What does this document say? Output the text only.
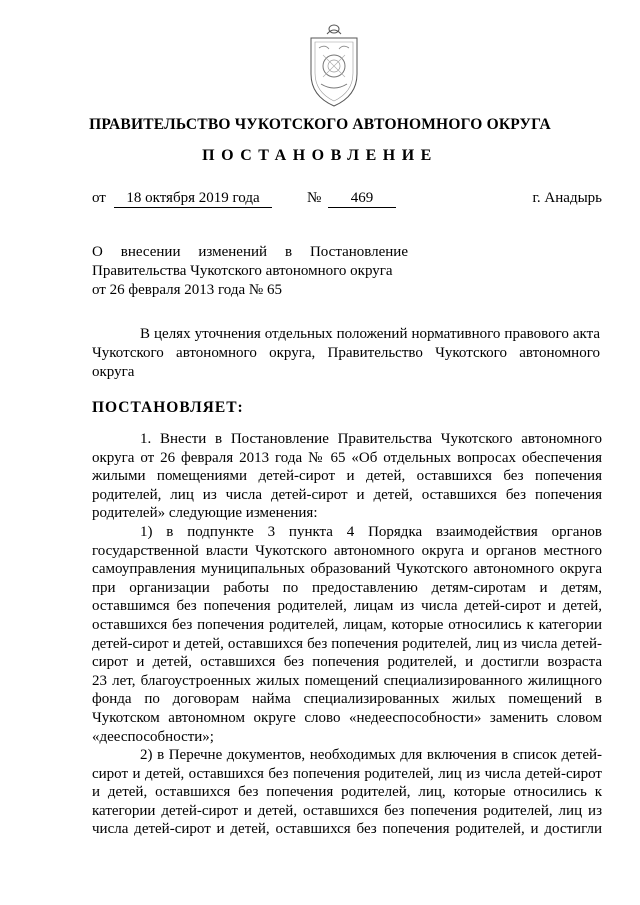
ПРАВИТЕЛЬСТВО ЧУКОТСКОГО АВТОНОМНОГО ОКРУГА
ПОСТАНОВЛЕНИЕ
от	18 октября 2019 года	№	469	г. Анадырь
О внесении изменений в Постановление
Правительства Чукотского автономного округа
от 26 февраля 2013 года № 65
В целях уточнения отдельных положений нормативного правового акта
Чукотского автономного округа, Правительство Чукотского автономного
округа
ПОСТАНОВЛЯЕТ:
1. Внести в Постановление Правительства Чукотского автономного
округа от 26 февраля 2013 года № 65 «Об отдельных вопросах обеспечения
жилыми помещениями детей-сирот и детей, оставшихся без попечения
родителей, лиц из числа детей-сирот и детей, оставшихся без попечения
родителей» следующие изменения:
1) в подпункте 3 пункта 4 Порядка взаимодействия органов
государственной власти Чукотского автономного округа и органов местного
самоуправления муниципальных образований Чукотского автономного округа
при организации работы по предоставлению детям-сиротам и детям,
оставшимся без попечения родителей, лицам из числа детей-сирот и детей,
оставшихся без попечения родителей, лицам, которые относились к категории
детей-сирот и детей, оставшихся без попечения родителей, лиц из числа детей-
сирот и детей, оставшихся без попечения родителей, и достигли возраста
23 лет, благоустроенных жилых помещений специализированного жилищного
фонда по договорам найма специализированных жилых помещений в
Чукотском автономном округе слово «недееспособности» заменить словом
«дееспособности»;
2) в Перечне документов, необходимых для включения в список детей-
сирот и детей, оставшихся без попечения родителей, лиц из числа детей-сирот
и детей, оставшихся без попечения родителей, лиц, которые относились к
категории детей-сирот и детей, оставшихся без попечения родителей, лиц из
числа детей-сирот и детей, оставшихся без попечения родителей, и достигли
